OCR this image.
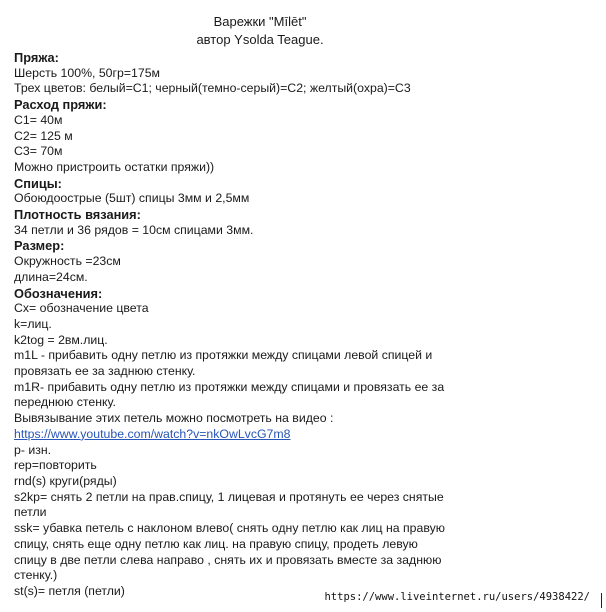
Варежки "Mīlēt"
автор Ysolda Teague.
Пряжа:
Шерсть 100%, 50гр=175м
Трех цветов: белый=С1; черный(темно-серый)=С2; желтый(охра)=С3
Расход пряжи:
С1= 40м
С2= 125 м
С3= 70м
Можно пристроить остатки пряжи))
Спицы:
Обоюдоострые (5шт) спицы 3мм и 2,5мм
Плотность вязания:
34 петли и 36 рядов = 10см спицами 3мм.
Размер:
Окружность =23см
длина=24см.
Обозначения:
Сх= обозначение цвета
k=лиц.
k2tog = 2вм.лиц.
m1L - прибавить одну петлю из протяжки между спицами левой спицей и
провязать ее за заднюю стенку.
m1R- прибавить одну петлю из протяжки между спицами и провязать ее за
переднюю стенку.
Вывязывание этих петель можно посмотреть на видео :
https://www.youtube.com/watch?v=nkOwLvcG7m8
p- изн.
rep=повторить
rnd(s) круги(ряды)
s2kp= снять 2 петли на прав.спицу, 1 лицевая и протянуть ее через снятые
петли
ssk= убавка петель с наклоном влево( снять одну петлю как лиц на правую
спицу, снять еще одну петлю как лиц. на правую спицу, продеть левую
спицу в две петли слева направо , снять их и провязать вместе за заднюю
стенку.)
st(s)= петля (петли)	https://www.liveinternet.ru/users/4938422/
